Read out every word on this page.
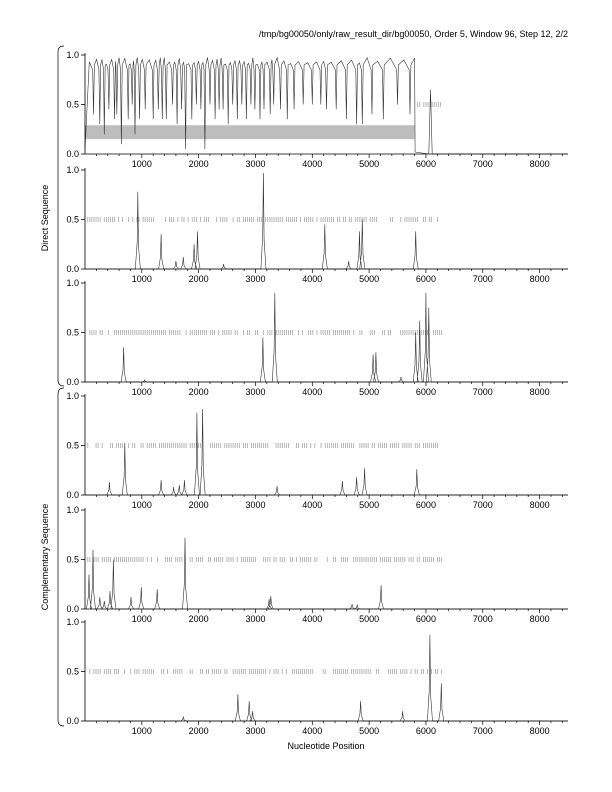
/tmp/bg00050/only/raw_result_dir/bg00050, Order 5, Window 96, Step 12, 2/2
0.0
0.5
1.0
1000	2000	3000	4000	5000	6000	7000	8000
0.0
0.5
1.0
1000	2000	3000	4000	5000	6000	7000	8000
0.0
0.5
1.0
1000	2000	3000	4000	5000	6000	7000	8000
0.0
0.5
1.0
1000	2000	3000	4000	5000	6000	7000	8000
0.0
0.5
1.0
1000	2000	3000	4000	5000	6000	7000	8000
0.0
0.5
1.0
1000	2000	3000	4000	5000	6000	7000	8000
Direct Sequence
Complementary Sequence
Nucleotide Position
